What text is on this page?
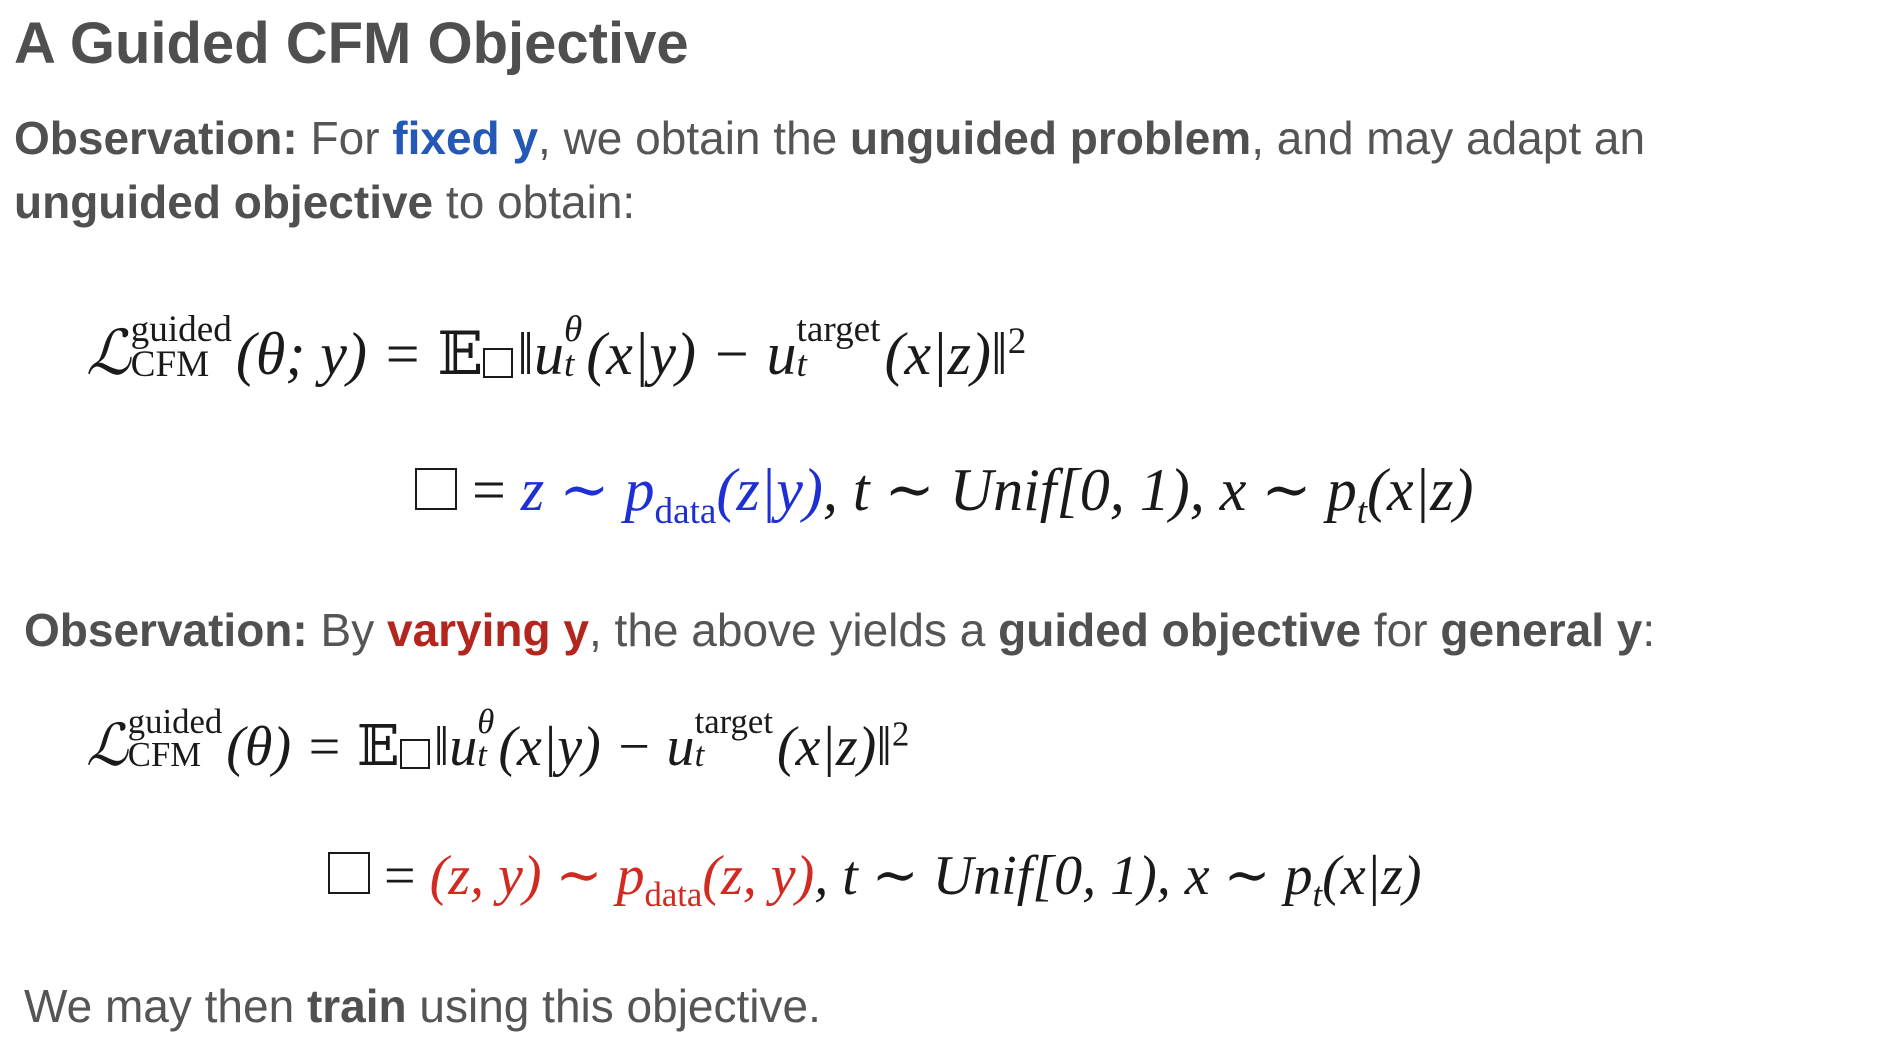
A Guided CFM Objective
Observation: For fixed y, we obtain the unguided problem, and may adapt an
unguided objective to obtain:
ℒ guided
CFM (θ; y) = 𝔼 ‖u θ
t (x|y) − u target
t	(x|z)‖$^2$
= z ∼ $p_{data}(z|y)$, t ∼ Unif[0, 1), x ∼ $p_t(x|z)$
Observation: By varying y, the above yields a guided objective for general y:
ℒ guided
CFM (θ) = 𝔼 ‖u θ
t (x|y) − u target
t	(x|z)‖$^2$
= (z, y) ∼ $p_{data}(z$, y), t ∼ Unif[0, 1), x ∼ $p_t(x|z)$
We may then train using this objective.
